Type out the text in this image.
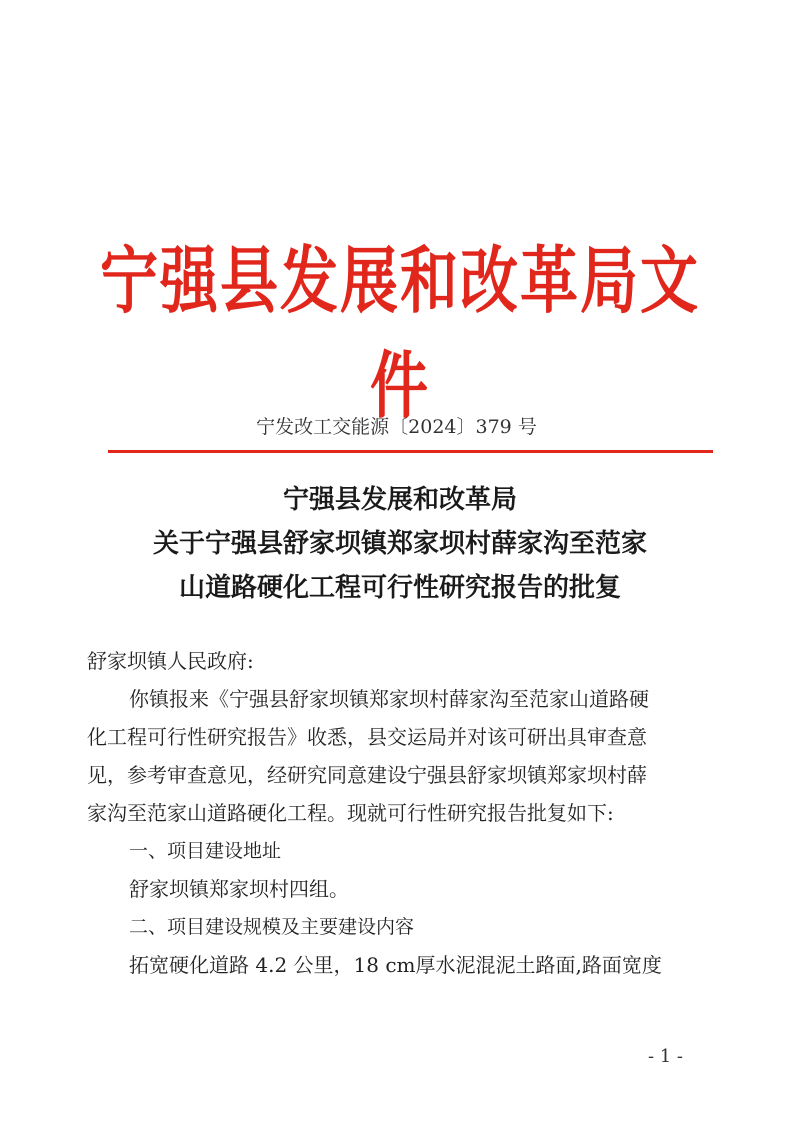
宁强县发展和改革局文件
宁发改工交能源〔2024〕379 号
宁强县发展和改革局
关于宁强县舒家坝镇郑家坝村薛家沟至范家
山道路硬化工程可行性研究报告的批复
舒家坝镇人民政府:
你镇报来《宁强县舒家坝镇郑家坝村薛家沟至范家山道路硬
化工程可行性研究报告》收悉，县交运局并对该可研出具审查意
见，参考审查意见，经研究同意建设宁强县舒家坝镇郑家坝村薛
家沟至范家山道路硬化工程。现就可行性研究报告批复如下:
一、项目建设地址
舒家坝镇郑家坝村四组。
二、项目建设规模及主要建设内容
拓宽硬化道路 4.2 公里，18 cm厚水泥混泥土路面,路面宽度
- 1 -
